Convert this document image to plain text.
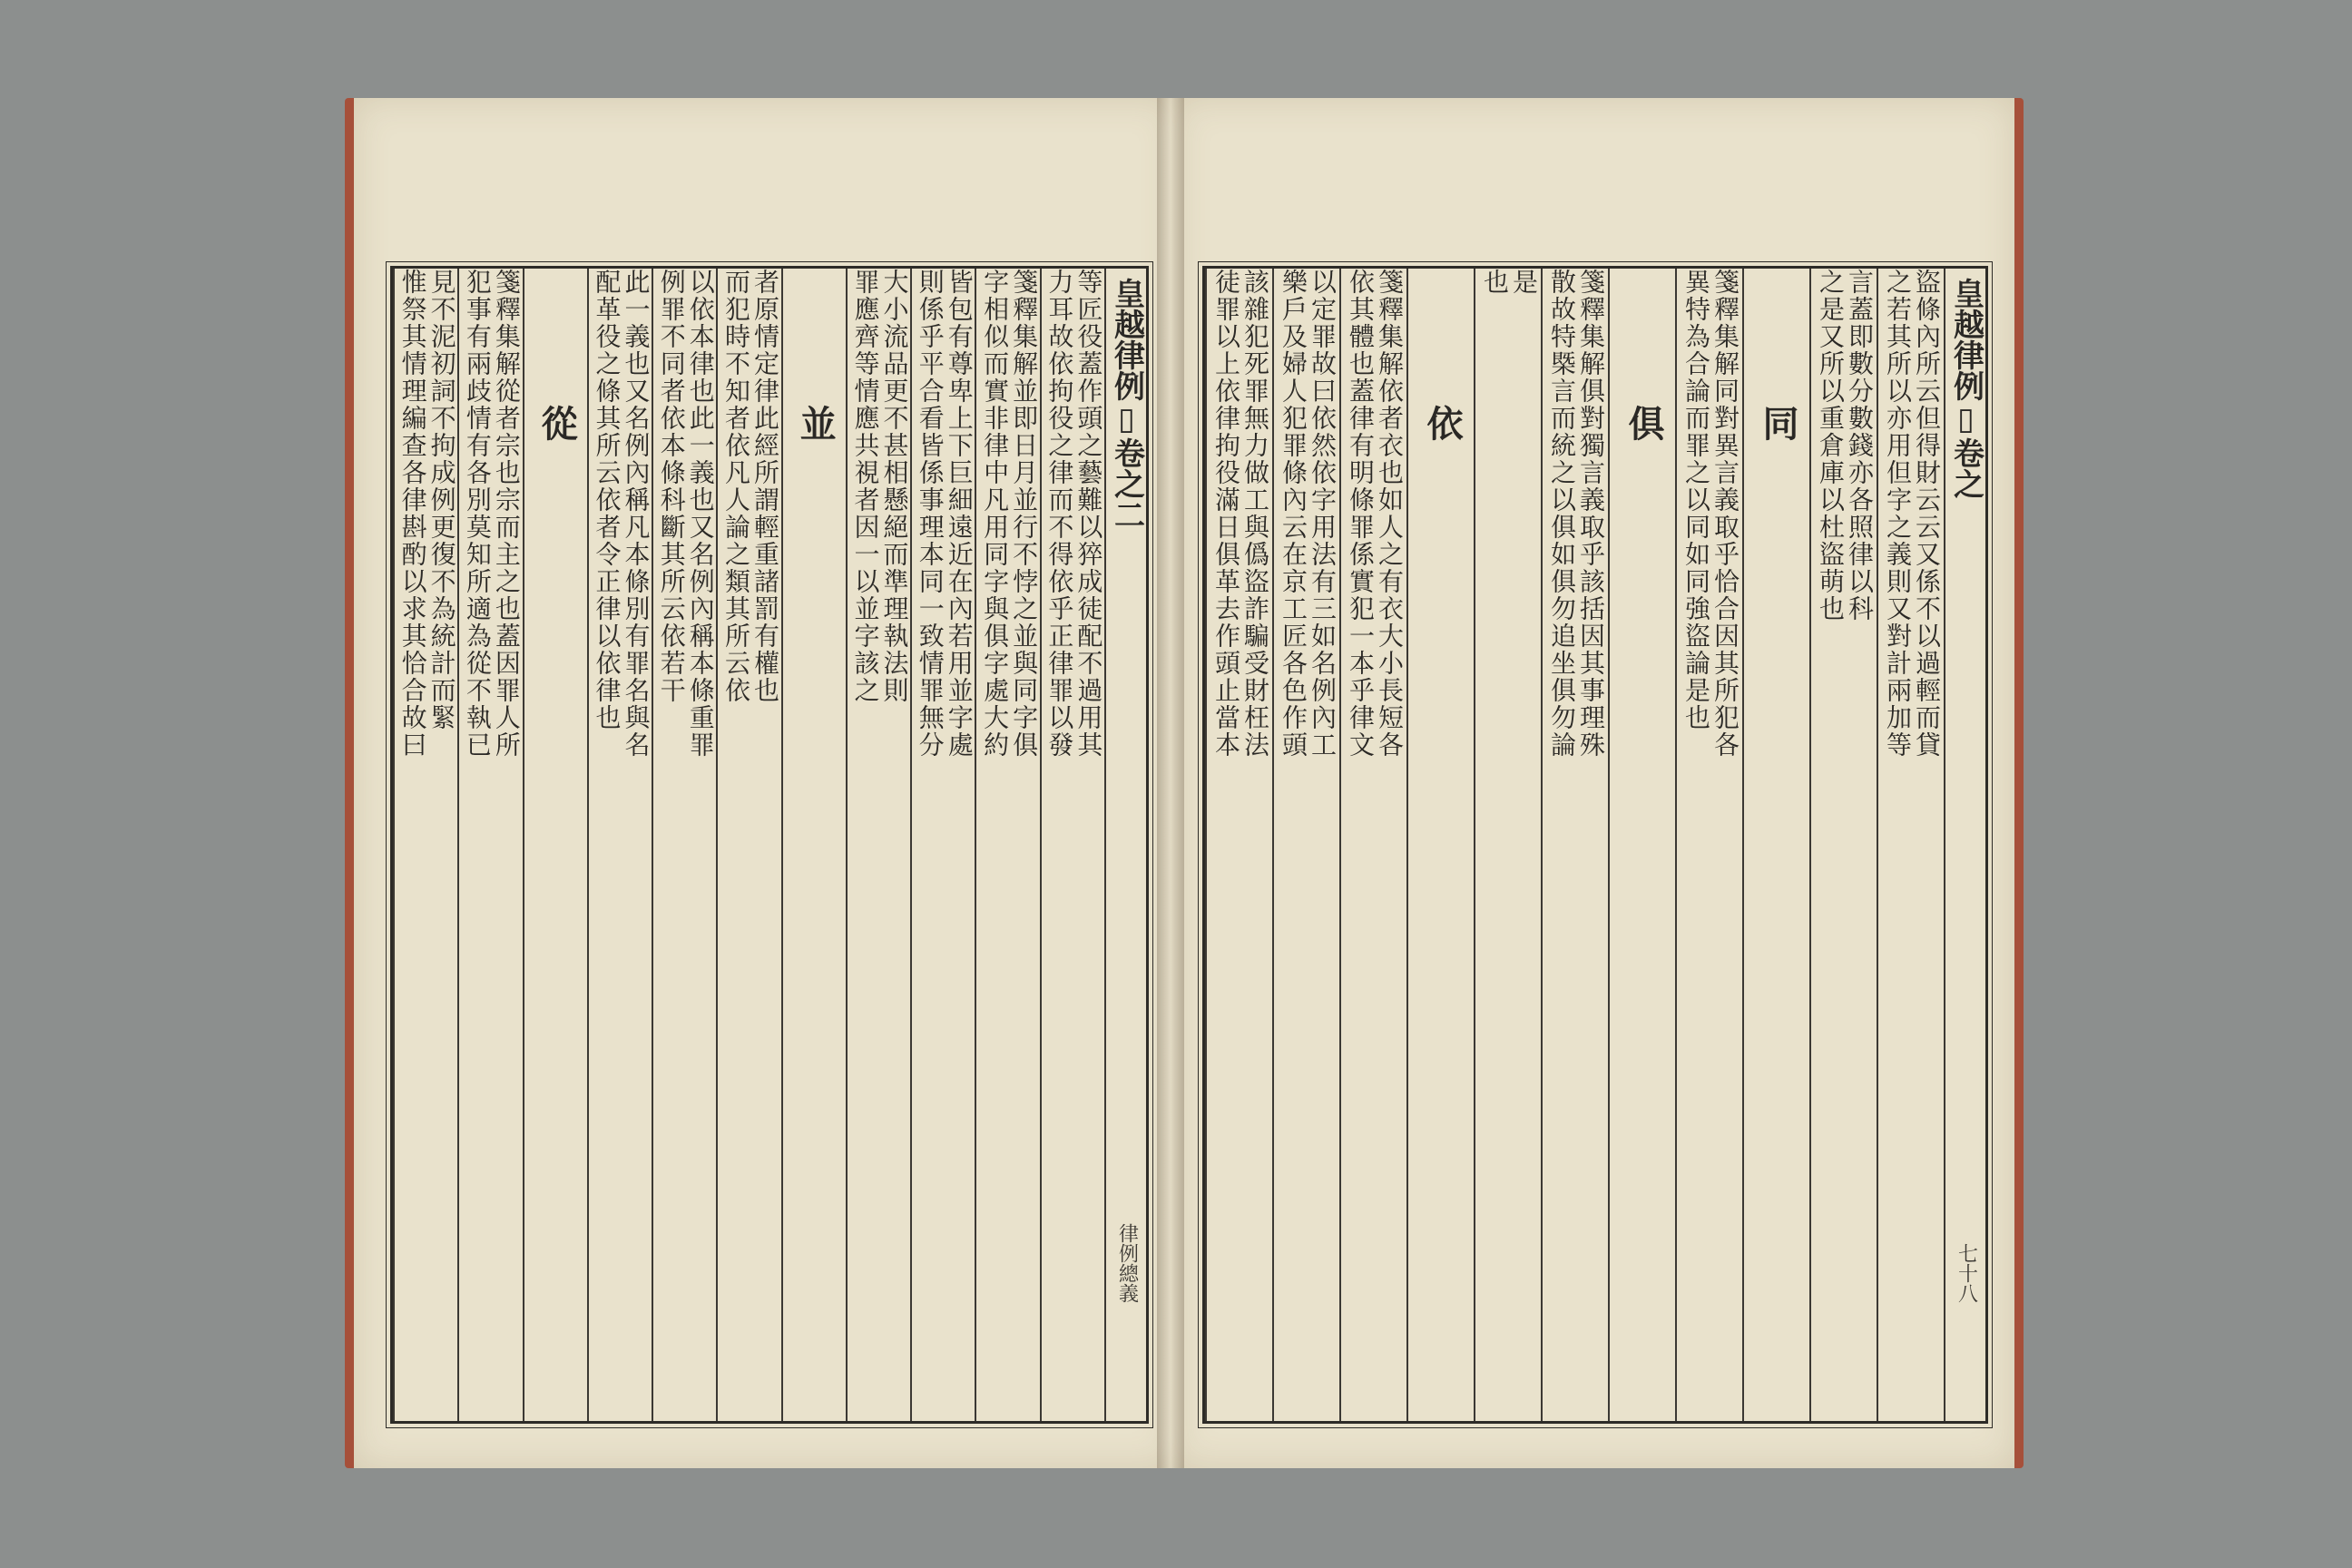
皇越律例▯卷之二
律例總義
等匠役蓋作頭之藝難以猝成徒配不過用其
力耳故依拘役之律而不得依乎正律罪以發
箋釋集解並即日月並行不悖之並與同字俱
字相似而實非律中凡用同字與俱字處大約
皆包有尊卑上下巨細遠近在內若用並字處
則係乎平合看皆係事理本同一致情罪無分
大小流品更不甚相懸絕而準理執法則
罪應齊等情應共視者因一以並字該之
並
者原情定律此經所謂輕重諸罰有權也
而犯時不知者依凡人論之類其所云依
以依本律也此一義也又名例內稱本條重罪
例罪不同者依本條科斷其所云依若干
此一義也又名例內稱凡本條別有罪名與名
配革役之條其所云依者令正律以依律也
從
箋釋集解從者宗也宗而主之也蓋因罪人所
犯事有兩歧情有各別莫知所適為從不執已
見不泥初詞不拘成例更復不為統計而緊
惟祭其情理編查各律斟酌以求其恰合故曰	皇越律例▯卷之
七十八
盜條內所云但得財云云又係不以過輕而貸
之若其所以亦用但字之義則又對計兩加等
言蓋即數分數錢亦各照律以科
之是又所以重倉庫以杜盜萌也
同
箋釋集解同對異言義取乎恰合因其所犯各
異特為合論而罪之以同如同強盜論是也
俱
箋釋集解俱對獨言義取乎該括因其事理殊
散故特槩言而統之以俱如俱勿追坐俱勿論
是
也
依
箋釋集解依者衣也如人之有衣大小長短各
依其體也蓋律有明條罪係實犯一本乎律文
以定罪故曰依然依字用法有三如名例內工
樂戶及婦人犯罪條內云在京工匠各色作頭
該雜犯死罪無力做工與僞盜詐騙受財枉法
徒罪以上依律拘役滿日俱革去作頭止當本
